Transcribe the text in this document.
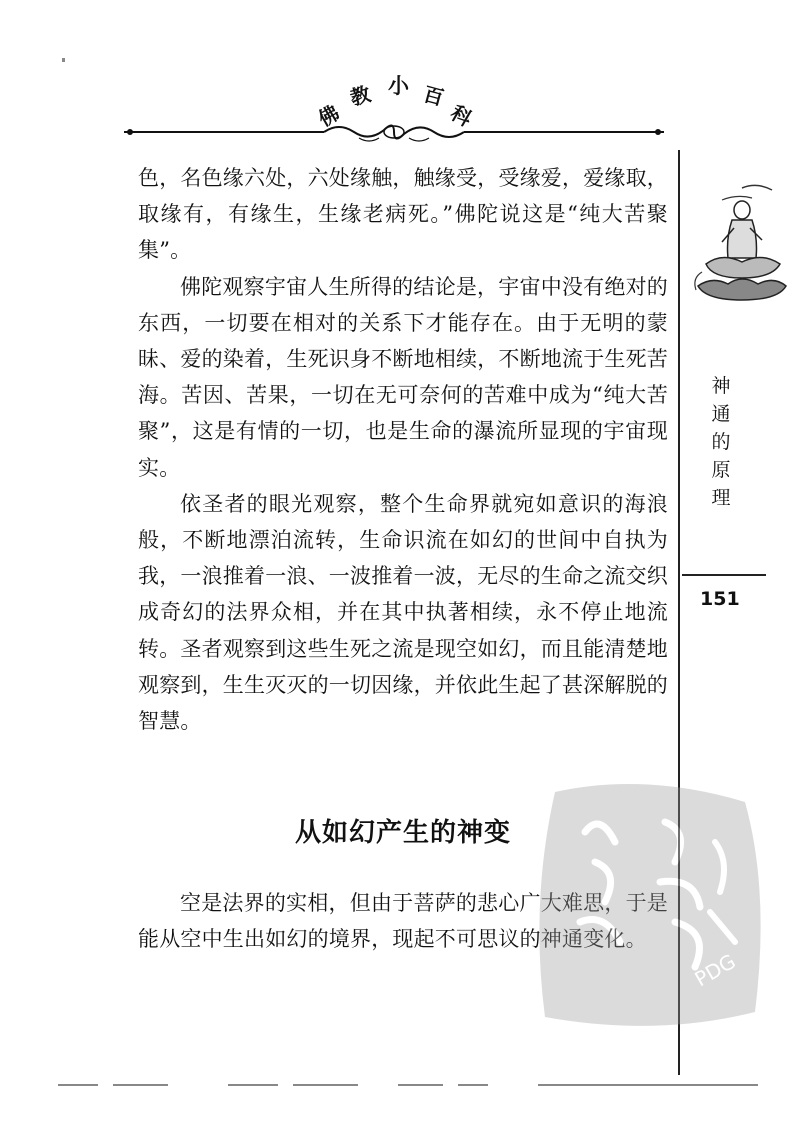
佛
教 小 百
科

色，名色缘六处，六处缘触，触缘受，受缘爱，爱缘取，取缘有，有缘生，生缘老病死。”佛陀说这是“纯大苦聚集”。

佛陀观察宇宙人生所得的结论是，宇宙中没有绝对的东西，一切要在相对的关系下才能存在。由于无明的蒙昧、爱的染着，生死识身不断地相续，不断地流于生死苦海。苦因、苦果，一切在无可奈何的苦难中成为“纯大苦聚”，这是有情的一切，也是生命的瀑流所显现的宇宙现实。

依圣者的眼光观察，整个生命界就宛如意识的海浪般，不断地漂泊流转，生命识流在如幻的世间中自执为我，一浪推着一浪、一波推着一波，无尽的生命之流交织成奇幻的法界众相，并在其中执著相续，永不停止地流转。圣者观察到这些生死之流是现空如幻，而且能清楚地观察到，生生灭灭的一切因缘，并依此生起了甚深解脱的智慧。

从如幻产生的神变

空是法界的实相，但由于菩萨的悲心广大难思，于是能从空中生出如幻的境界，现起不可思议的神通变化。

神
通
的
原
理
151
PDG
